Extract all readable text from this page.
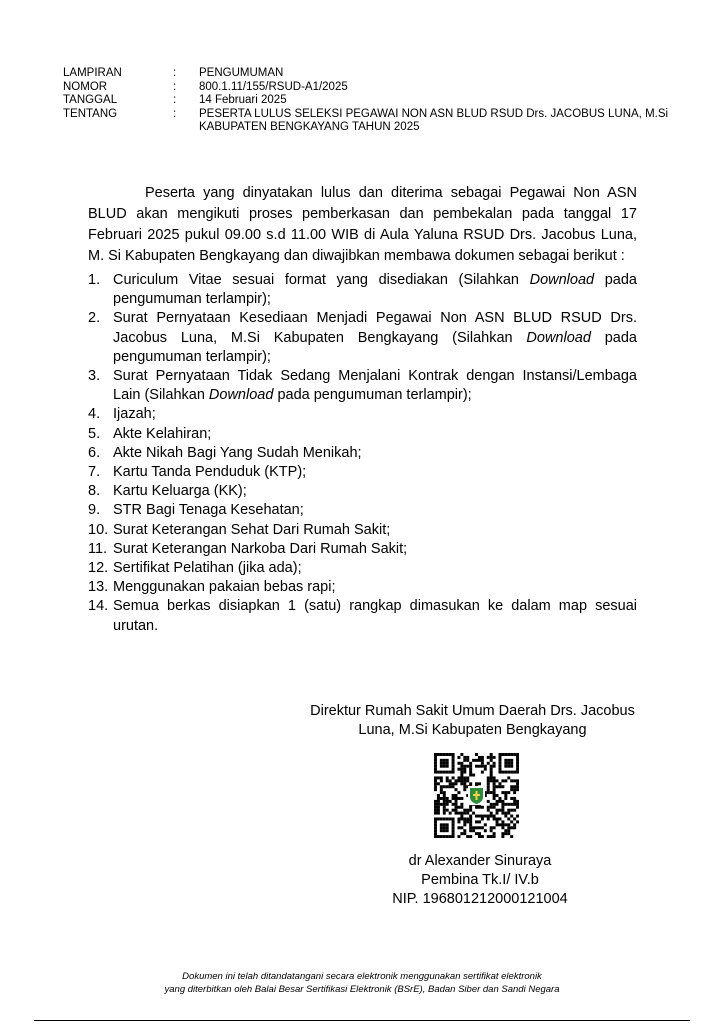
LAMPIRAN	:	PENGUMUMAN
NOMOR	:	800.1.11/155/RSUD-A1/2025
TANGGAL	:	14 Februari 2025
TENTANG	:	PESERTA LULUS SELEKSI PEGAWAI NON ASN BLUD RSUD Drs. JACOBUS LUNA, M.Si KABUPATEN BENGKAYANG TAHUN 2025

Peserta yang dinyatakan lulus dan diterima sebagai Pegawai Non ASN BLUD akan mengikuti proses pemberkasan dan pembekalan pada tanggal 17 Februari 2025 pukul 09.00 s.d 11.00 WIB di Aula Yaluna RSUD Drs. Jacobus Luna, M. Si Kabupaten Bengkayang dan diwajibkan membawa dokumen sebagai berikut :

1. Curiculum Vitae sesuai format yang disediakan (Silahkan Download pada pengumuman terlampir);
2. Surat Pernyataan Kesediaan Menjadi Pegawai Non ASN BLUD RSUD Drs. Jacobus Luna, M.Si Kabupaten Bengkayang (Silahkan Download pada pengumuman terlampir);
3. Surat Pernyataan Tidak Sedang Menjalani Kontrak dengan Instansi/Lembaga Lain (Silahkan Download pada pengumuman terlampir);
4. Ijazah;
5. Akte Kelahiran;
6. Akte Nikah Bagi Yang Sudah Menikah;
7. Kartu Tanda Penduduk (KTP);
8. Kartu Keluarga (KK);
9. STR Bagi Tenaga Kesehatan;
10. Surat Keterangan Sehat Dari Rumah Sakit;
11. Surat Keterangan Narkoba Dari Rumah Sakit;
12. Sertifikat Pelatihan (jika ada);
13. Menggunakan pakaian bebas rapi;
14. Semua berkas disiapkan 1 (satu) rangkap dimasukan ke dalam map sesuai urutan.
Direktur Rumah Sakit Umum Daerah Drs. Jacobus
Luna, M.Si Kabupaten Bengkayang
dr Alexander Sinuraya
Pembina Tk.I/ IV.b
NIP. 196801212000121004
Dokumen ini telah ditandatangani secara elektronik menggunakan sertifikat elektronik
yang diterbitkan oleh Balai Besar Sertifikasi Elektronik (BSrE), Badan Siber dan Sandi Negara
